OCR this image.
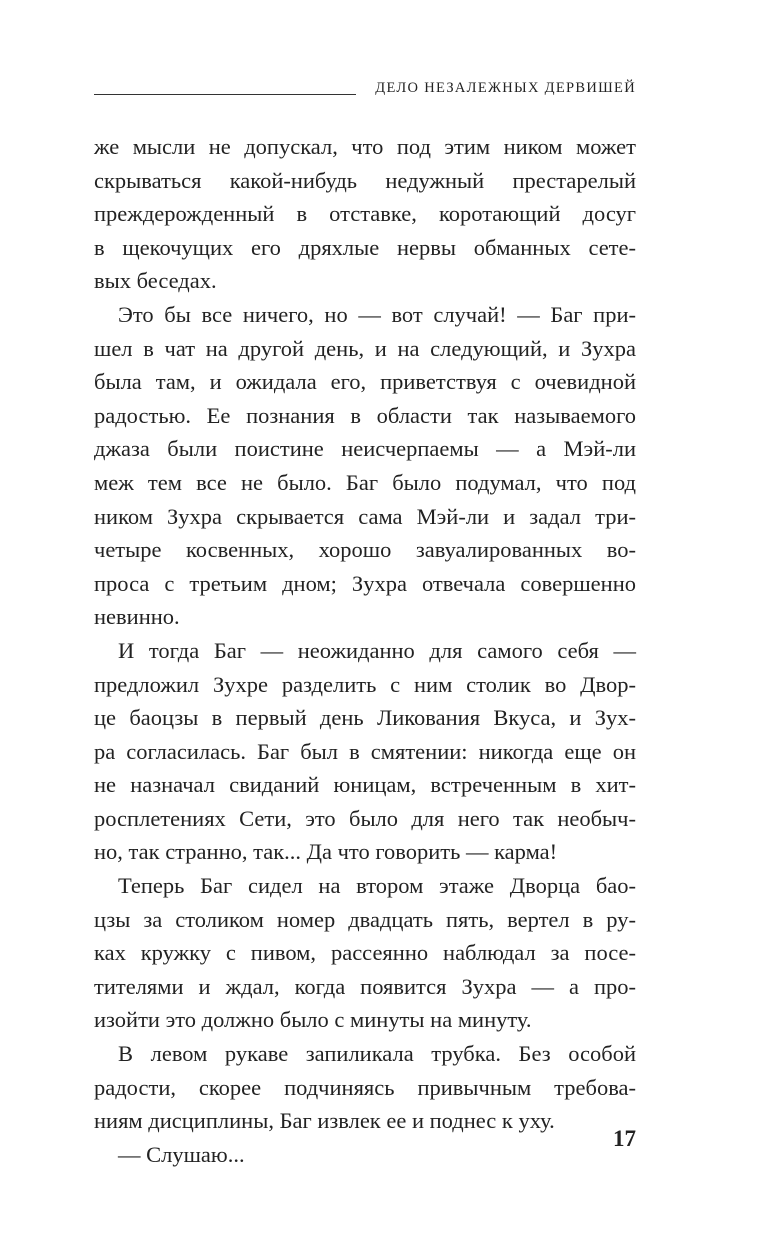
ДЕЛО НЕЗАЛЕЖНЫХ ДЕРВИШЕЙ
же мысли не допускал, что под этим ником может
скрываться какой-нибудь недужный престарелый
преждерожденный в отставке, коротающий досуг
в щекочущих его дряхлые нервы обманных сете-
вых беседах.
Это бы все ничего, но — вот случай! — Баг при-
шел в чат на другой день, и на следующий, и Зухра
была там, и ожидала его, приветствуя с очевидной
радостью. Ее познания в области так называемого
джаза были поистине неисчерпаемы — а Мэй-ли
меж тем все не было. Баг было подумал, что под
ником Зухра скрывается сама Мэй-ли и задал три-
четыре косвенных, хорошо завуалированных во-
проса с третьим дном; Зухра отвечала совершенно
невинно.
И тогда Баг — неожиданно для самого себя —
предложил Зухре разделить с ним столик во Двор-
це баоцзы в первый день Ликования Вкуса, и Зух-
ра согласилась. Баг был в смятении: никогда еще он
не назначал свиданий юницам, встреченным в хит-
росплетениях Сети, это было для него так необыч-
но, так странно, так... Да что говорить — карма!
Теперь Баг сидел на втором этаже Дворца бао-
цзы за столиком номер двадцать пять, вертел в ру-
ках кружку с пивом, рассеянно наблюдал за посе-
тителями и ждал, когда появится Зухра — а про-
изойти это должно было с минуты на минуту.
В левом рукаве запиликала трубка. Без особой
радости, скорее подчиняясь привычным требова-
ниям дисциплины, Баг извлек ее и поднес к уху.
— Слушаю...
17
